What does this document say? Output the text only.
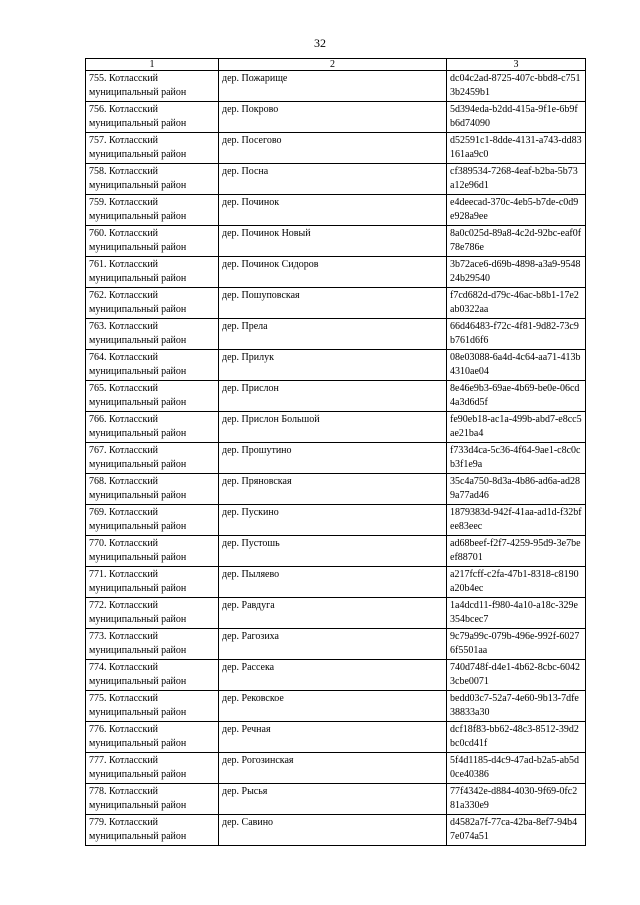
32
1	2	3

755. Котласский муниципальный район	дер. Пожарище	dc04c2ad-8725-407c-bbd8-c7513b2459b1

756. Котласский муниципальный район	дер. Покрово	5d394eda-b2dd-415a-9f1e-6b9fb6d74090

757. Котласский муниципальный район	дер. Посегово	d52591c1-8dde-4131-a743-dd83161aa9c0

758. Котласский муниципальный район	дер. Посна	cf389534-7268-4eaf-b2ba-5b73a12e96d1

759. Котласский муниципальный район	дер. Починок	e4deecad-370c-4eb5-b7de-c0d9e928a9ee

760. Котласский муниципальный район	дер. Починок Новый	8a0c025d-89a8-4c2d-92bc-eaf0f78e786e

761. Котласский муниципальный район	дер. Починок Сидоров	3b72ace6-d69b-4898-a3a9-954824b29540

762. Котласский муниципальный район	дер. Пошуповская	f7cd682d-d79c-46ac-b8b1-17e2ab0322aa

763. Котласский муниципальный район	дер. Прела	66d46483-f72c-4f81-9d82-73c9b761d6f6

764. Котласский муниципальный район	дер. Прилук	08e03088-6a4d-4c64-aa71-413b4310ae04

765. Котласский муниципальный район	дер. Прислон	8e46e9b3-69ae-4b69-be0e-06cd4a3d6d5f

766. Котласский муниципальный район	дер. Прислон Большой	fe90eb18-ac1a-499b-abd7-e8cc5ae21ba4

767. Котласский муниципальный район	дер. Прошутино	f733d4ca-5c36-4f64-9ae1-c8c0cb3f1e9a

768. Котласский муниципальный район	дер. Пряновская	35c4a750-8d3a-4b86-ad6a-ad289a77ad46

769. Котласский муниципальный район	дер. Пускино	1879383d-942f-41aa-ad1d-f32bfee83eec

770. Котласский муниципальный район	дер. Пустошь	ad68beef-f2f7-4259-95d9-3e7beef88701

771. Котласский муниципальный район	дер. Пыляево	a217fcff-c2fa-47b1-8318-c8190a20b4ec

772. Котласский муниципальный район	дер. Равдуга	1a4dcd11-f980-4a10-a18c-329e354bcec7

773. Котласский муниципальный район	дер. Рагозиха	9c79a99c-079b-496e-992f-60276f5501aa

774. Котласский муниципальный район	дер. Рассека	740d748f-d4e1-4b62-8cbc-60423cbe0071

775. Котласский муниципальный район	дер. Рековское	bedd03c7-52a7-4e60-9b13-7dfe38833a30

776. Котласский муниципальный район	дер. Речная	dcf18f83-bb62-48c3-8512-39d2bc0cd41f

777. Котласский муниципальный район	дер. Рогозинская	5f4d1185-d4c9-47ad-b2a5-ab5d0ce40386

778. Котласский муниципальный район	дер. Рысья	77f4342e-d884-4030-9f69-0fc281a330e9

779. Котласский муниципальный район	дер. Савино	d4582a7f-77ca-42ba-8ef7-94b47e074a51
